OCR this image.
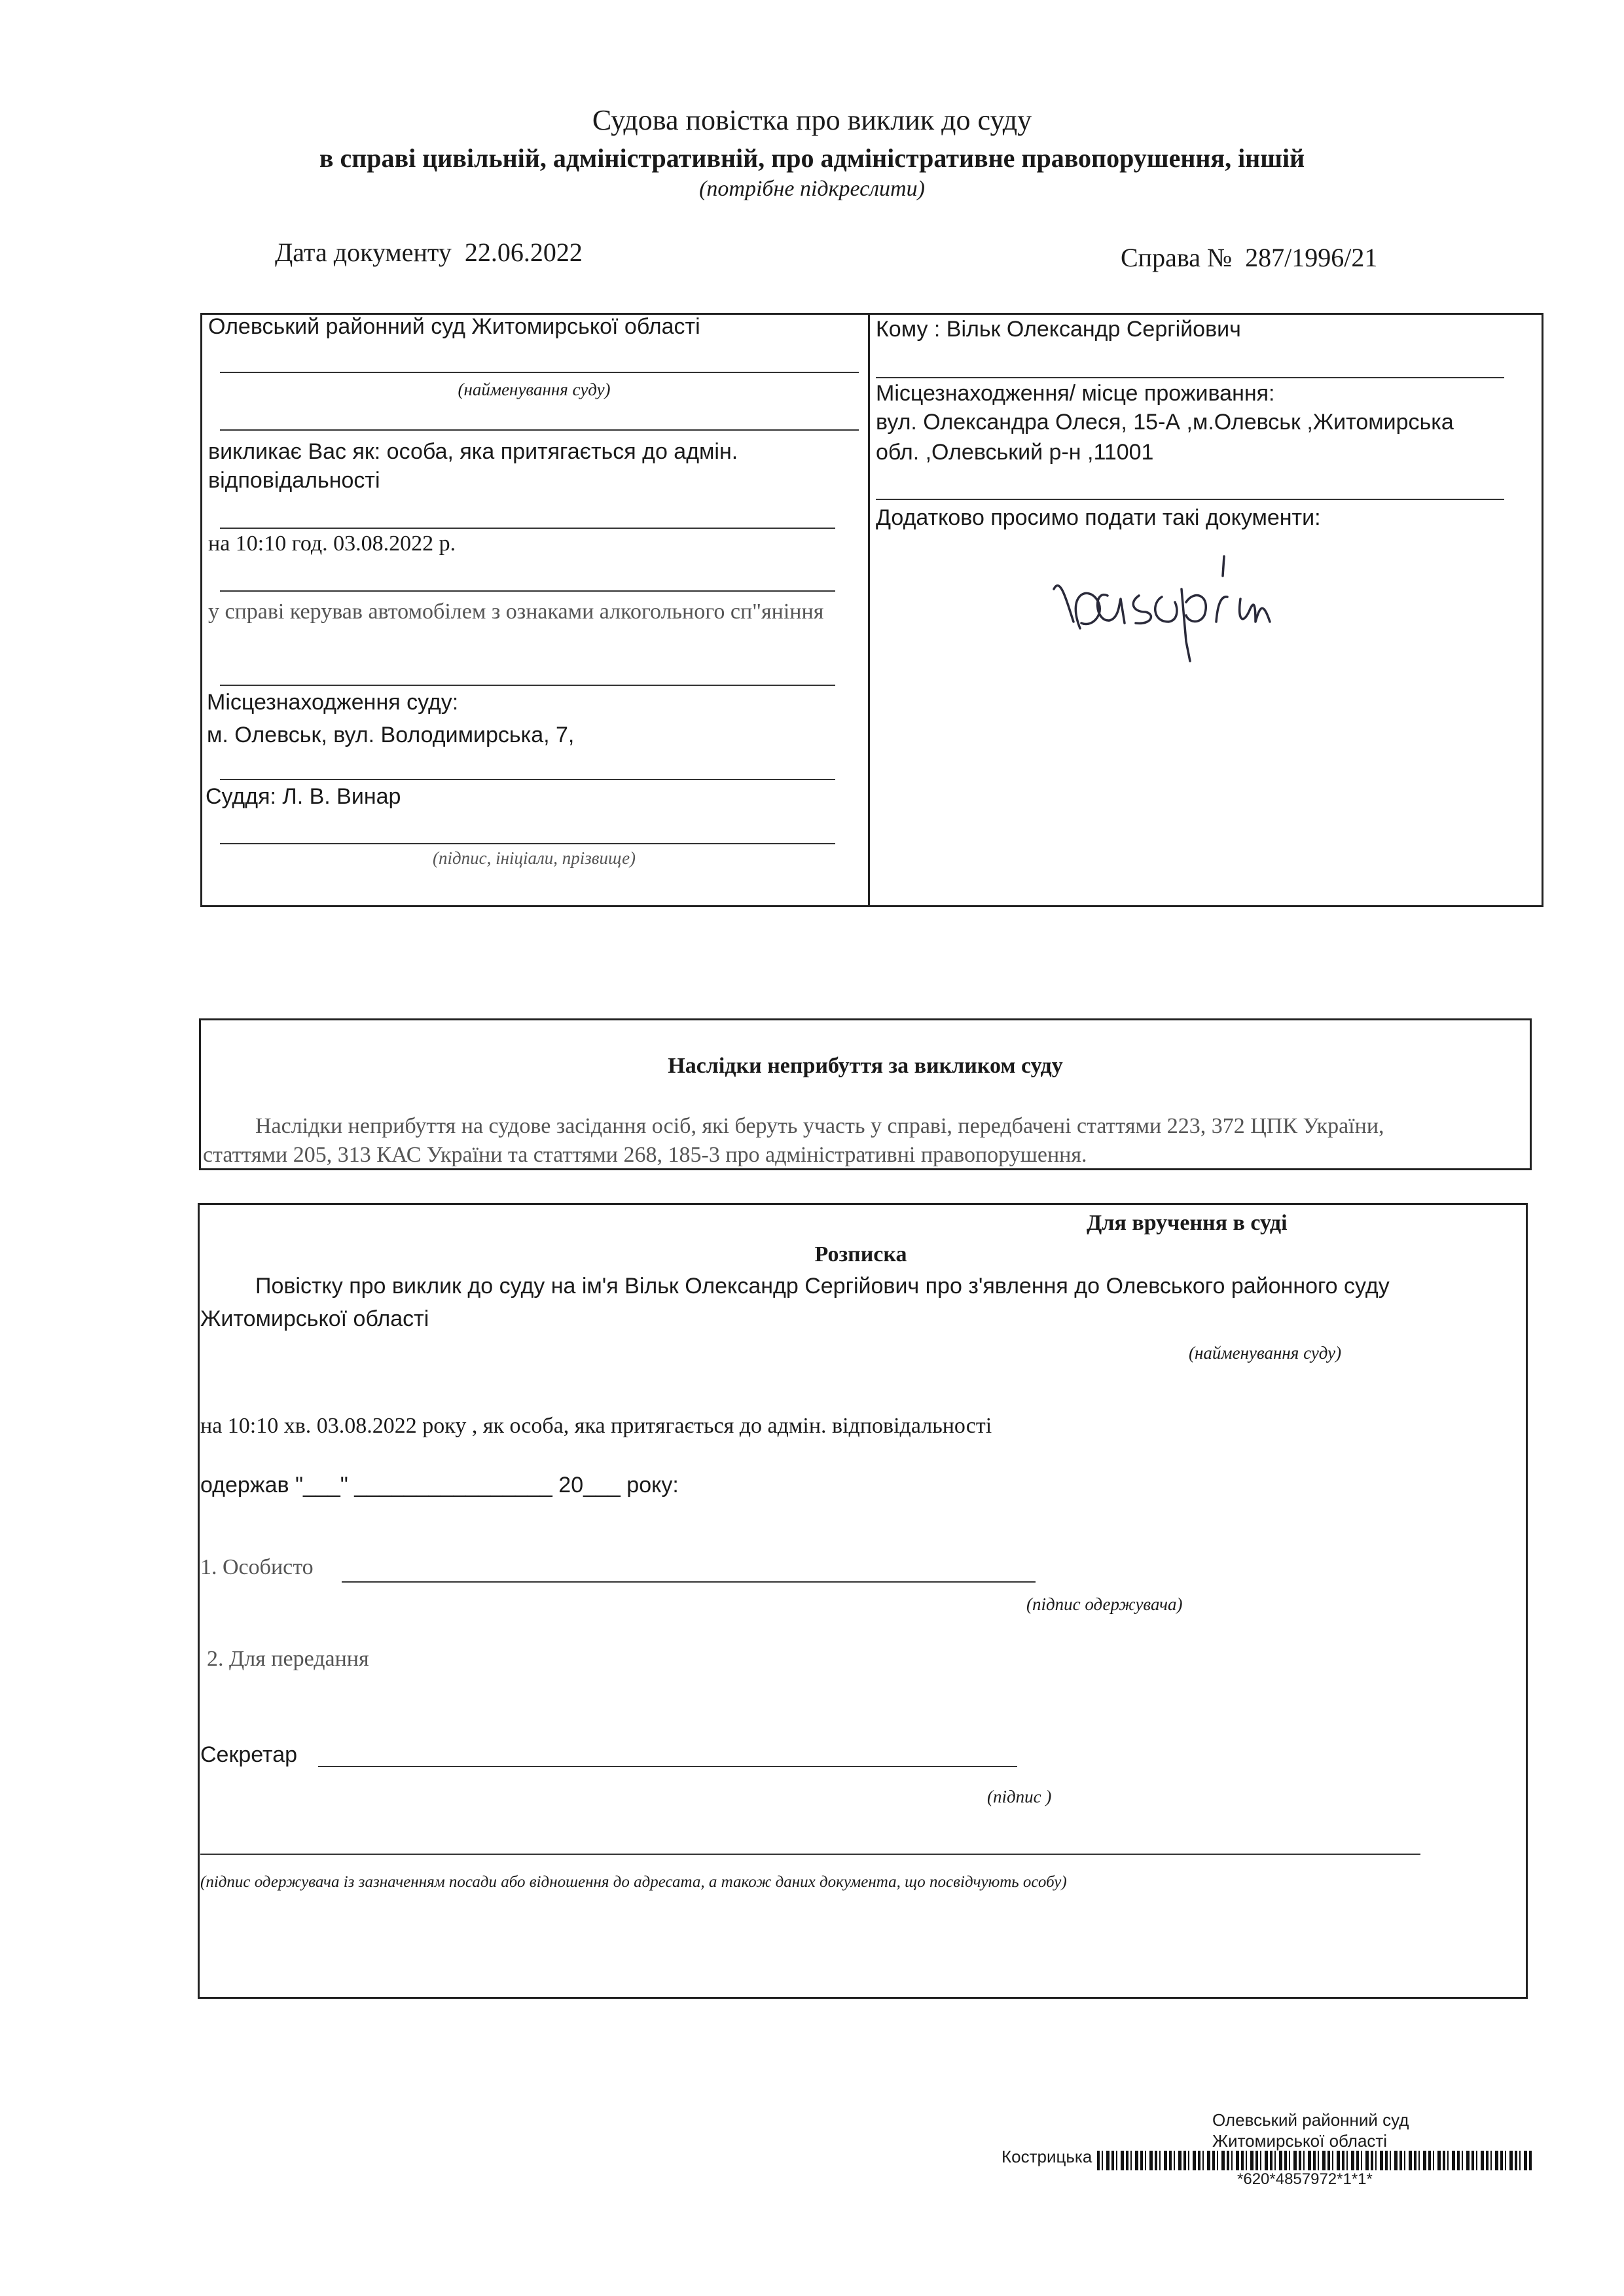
Судова повістка про виклик до суду
в справі цивільній, адміністративній, про адміністративне правопорушення, іншій
(потрібне підкреслити)
Дата документу 22.06.2022	Справа № 287/1996/21
Олевський районний суд Житомирської області
(найменування суду)
викликає Вас як: особа, яка притягається до адмін. відповідальності
на 10:10 год. 03.08.2022 р.
у справі керував автомобілем з ознаками алкогольного сп"яніння
Місцезнаходження суду:
м. Олевськ, вул. Володимирська, 7,
Суддя: Л. В. Винар
(підпис, ініціали, прізвище)
Кому : Вільк Олександр Сергійович
Місцезнаходження/ місце проживання:
вул. Олександра Олеся, 15-А ,м.Олевськ ,Житомирська
обл. ,Олевський р-н ,11001
Додатково просимо подати такі документи:
Наслідки неприбуття за викликом суду
Наслідки неприбуття на судове засідання осіб, які беруть участь у справі, передбачені статтями 223, 372 ЦПК України,
статтями 205, 313 КАС України та статтями 268, 185-3 про адміністративні правопорушення.
Для вручення в суді
Розписка
Повістку про виклик до суду на ім'я Вільк Олександр Сергійович про з'явлення до Олевського районного суду
Житомирської області
(найменування суду)
на 10:10 хв. 03.08.2022 року , як особа, яка притягається до адмін. відповідальності
одержав "___" ________________ 20___ року:
1. Особисто
(підпис одержувача)
2. Для передання
Секретар
(підпис )
(підпис одержувача із зазначенням посади або відношення до адресата, а також даних документа, що посвідчують особу)
Олевський районний суд
Житомирської області
Кострицька
*620*4857972*1*1*
